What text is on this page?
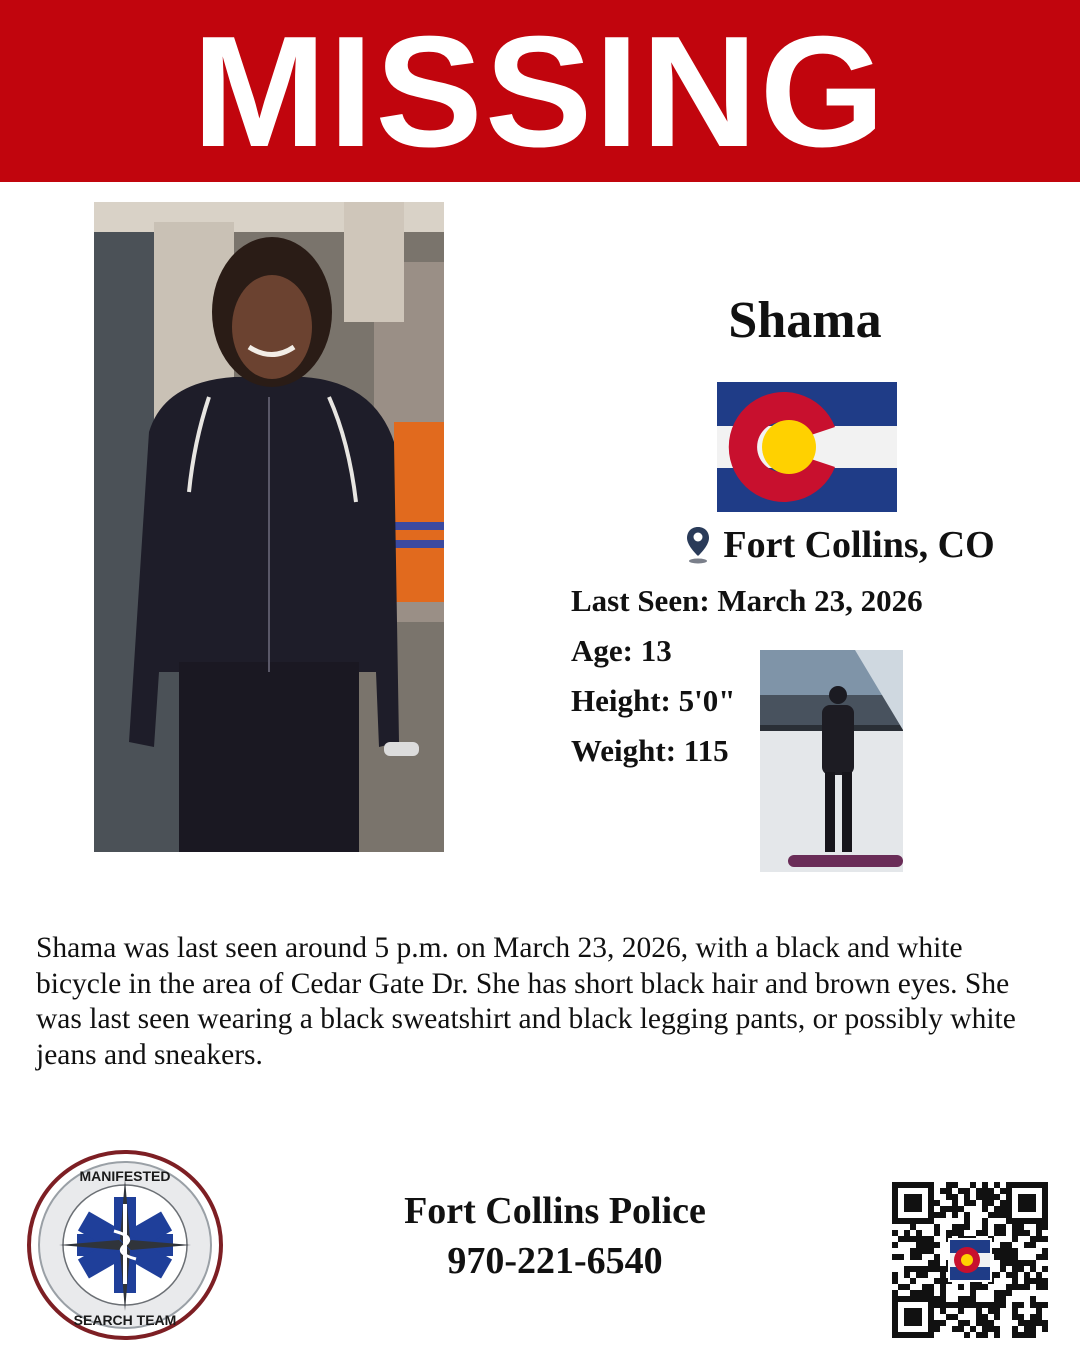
MISSING
Shama
Fort Collins, CO
Last Seen: March 23, 2026
Age: 13
Height: 5'0"
Weight: 115

Shama was last seen around 5 p.m. on March 23, 2026, with a black and white bicycle in the area of Cedar Gate Dr. She has short black hair and brown eyes. She was last seen wearing a black sweatshirt and black legging pants, or possibly white jeans and sneakers.

MANIFESTED
SEARCH TEAM
Fort Collins Police
970-221-6540
